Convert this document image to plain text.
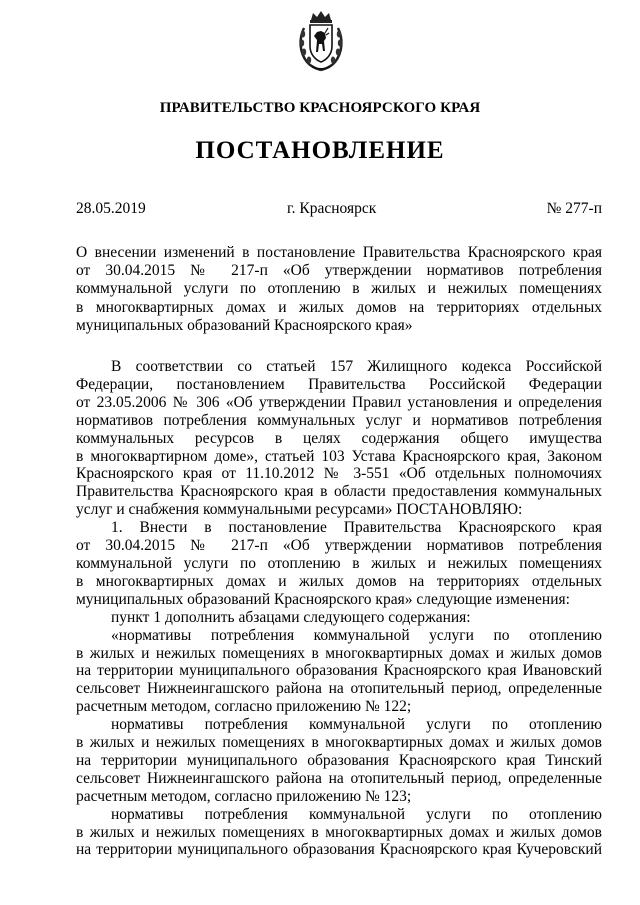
ПРАВИТЕЛЬСТВО КРАСНОЯРСКОГО КРАЯ
ПОСТАНОВЛЕНИЕ
28.05.2019	г. Красноярск	№ 277-п
О внесении изменений в постановление Правительства Красноярского края
от 30.04.2015 № 217-п «Об утверждении нормативов потребления
коммунальной услуги по отоплению в жилых и нежилых помещениях
в многоквартирных домах и жилых домов на территориях отдельных
муниципальных образований Красноярского края»
В соответствии со статьей 157 Жилищного кодекса Российской
Федерации, постановлением Правительства Российской Федерации
от 23.05.2006 № 306 «Об утверждении Правил установления и определения
нормативов потребления коммунальных услуг и нормативов потребления
коммунальных ресурсов в целях содержания общего имущества
в многоквартирном доме», статьей 103 Устава Красноярского края, Законом
Красноярского края от 11.10.2012 № 3-551 «Об отдельных полномочиях
Правительства Красноярского края в области предоставления коммунальных
услуг и снабжения коммунальными ресурсами» ПОСТАНОВЛЯЮ:
1. Внести в постановление Правительства Красноярского края
от 30.04.2015 № 217-п «Об утверждении нормативов потребления
коммунальной услуги по отоплению в жилых и нежилых помещениях
в многоквартирных домах и жилых домов на территориях отдельных
муниципальных образований Красноярского края» следующие изменения:
пункт 1 дополнить абзацами следующего содержания:
«нормативы потребления коммунальной услуги по отоплению
в жилых и нежилых помещениях в многоквартирных домах и жилых домов
на территории муниципального образования Красноярского края Ивановский
сельсовет Нижнеингашского района на отопительный период, определенные
расчетным методом, согласно приложению № 122;
нормативы потребления коммунальной услуги по отоплению
в жилых и нежилых помещениях в многоквартирных домах и жилых домов
на территории муниципального образования Красноярского края Тинский
сельсовет Нижнеингашского района на отопительный период, определенные
расчетным методом, согласно приложению № 123;
нормативы потребления коммунальной услуги по отоплению
в жилых и нежилых помещениях в многоквартирных домах и жилых домов
на территории муниципального образования Красноярского края Кучеровский
